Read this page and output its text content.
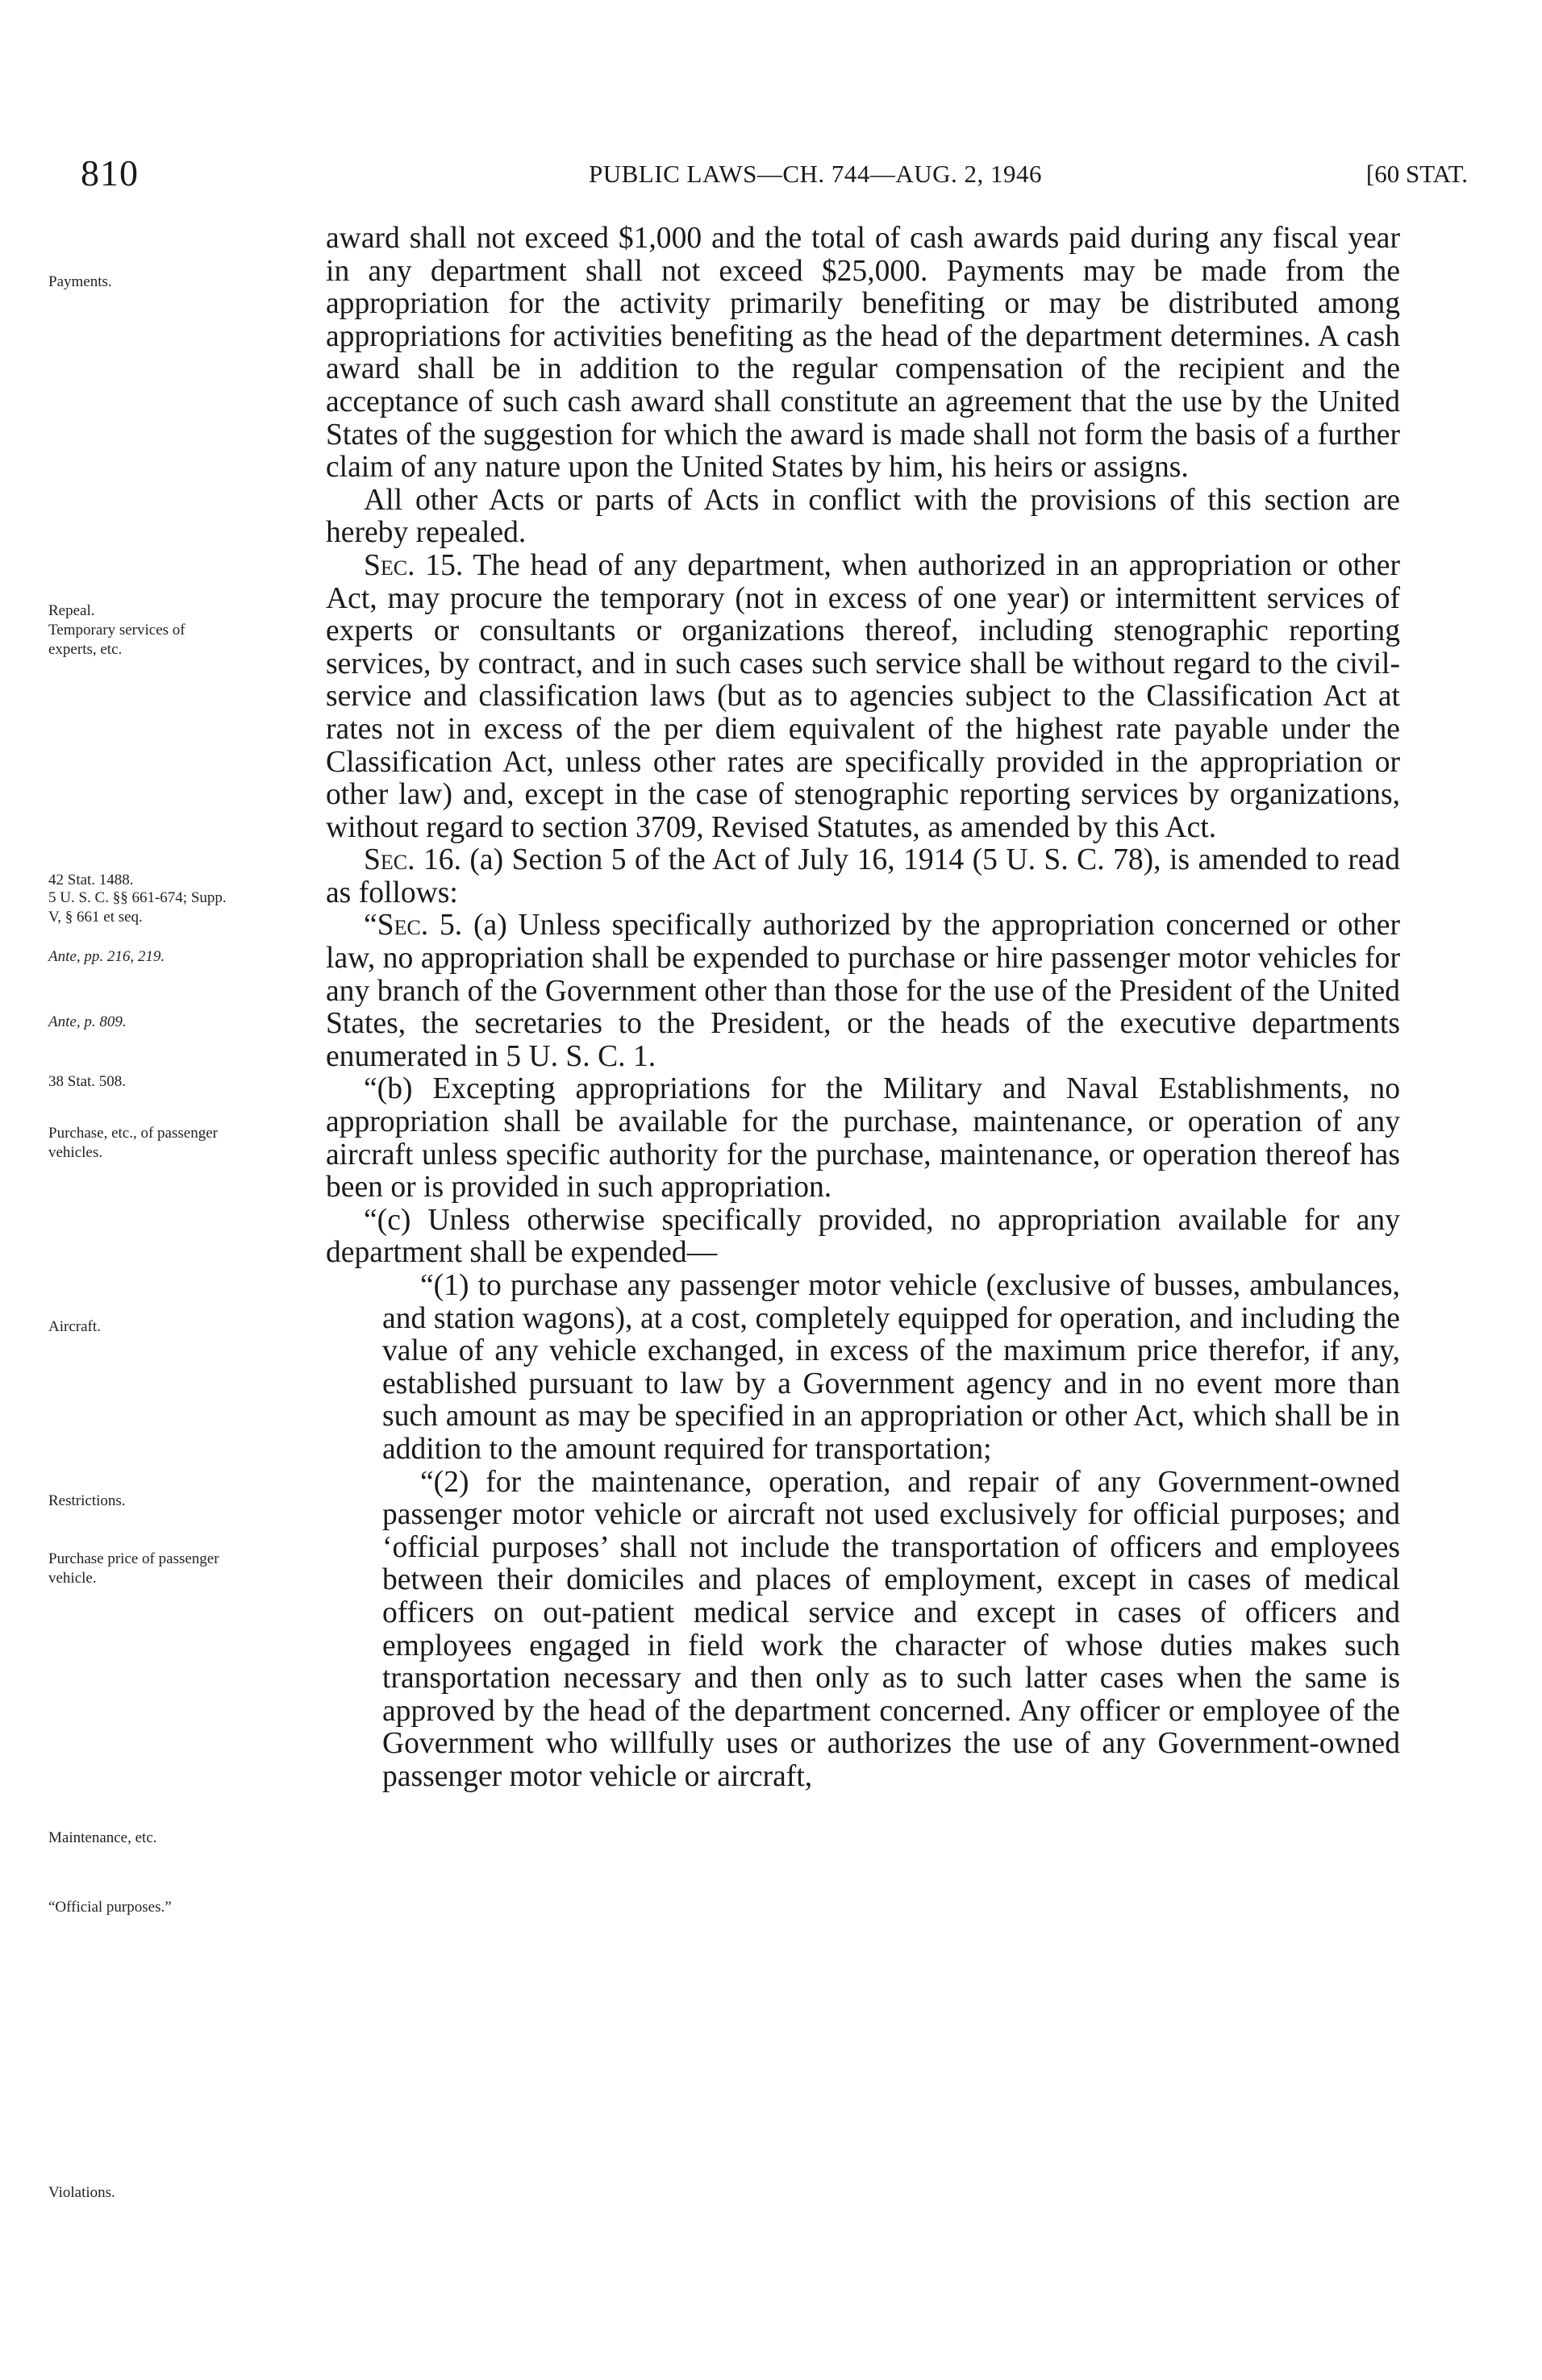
810	PUBLIC LAWS—CH. 744—AUG. 2, 1946	[60 STAT.
Payments.
Repeal.
Temporary services of experts, etc.
42 Stat. 1488.
5 U. S. C. §§ 661-674; Supp. V, § 661 et seq.
Ante, pp. 216, 219.
Ante, p. 809.
38 Stat. 508.
Purchase, etc., of passenger vehicles.
Aircraft.
Restrictions.
Purchase price of passenger vehicle.
Maintenance, etc.
“Official purposes.”
Violations.

award shall not exceed $1,000 and the total of cash awards paid during any fiscal year in any department shall not exceed $25,000. Payments may be made from the appropriation for the activity primarily benefiting or may be distributed among appropriations for activities benefiting as the head of the department determines. A cash award shall be in addition to the regular compensation of the recipient and the acceptance of such cash award shall constitute an agreement that the use by the United States of the suggestion for which the award is made shall not form the basis of a further claim of any nature upon the United States by him, his heirs or assigns.

All other Acts or parts of Acts in conflict with the provisions of this section are hereby repealed.

Sec. 15. The head of any department, when authorized in an appropriation or other Act, may procure the temporary (not in excess of one year) or intermittent services of experts or consultants or organizations thereof, including stenographic reporting services, by contract, and in such cases such service shall be without regard to the civil-service and classification laws (but as to agencies subject to the Classification Act at rates not in excess of the per diem equivalent of the highest rate payable under the Classification Act, unless other rates are specifically provided in the appropriation or other law) and, except in the case of stenographic reporting services by organizations, without regard to section 3709, Revised Statutes, as amended by this Act.

Sec. 16. (a) Section 5 of the Act of July 16, 1914 (5 U. S. C. 78), is amended to read as follows:

“Sec. 5. (a) Unless specifically authorized by the appropriation concerned or other law, no appropriation shall be expended to purchase or hire passenger motor vehicles for any branch of the Government other than those for the use of the President of the United States, the secretaries to the President, or the heads of the executive departments enumerated in 5 U. S. C. 1.

“(b) Excepting appropriations for the Military and Naval Establishments, no appropriation shall be available for the purchase, maintenance, or operation of any aircraft unless specific authority for the purchase, maintenance, or operation thereof has been or is provided in such appropriation.

“(c) Unless otherwise specifically provided, no appropriation available for any department shall be expended—

“(1) to purchase any passenger motor vehicle (exclusive of busses, ambulances, and station wagons), at a cost, completely equipped for operation, and including the value of any vehicle exchanged, in excess of the maximum price therefor, if any, established pursuant to law by a Government agency and in no event more than such amount as may be specified in an appropriation or other Act, which shall be in addition to the amount required for transportation;

“(2) for the maintenance, operation, and repair of any Government-owned passenger motor vehicle or aircraft not used exclusively for official purposes; and ‘official purposes’ shall not include the transportation of officers and employees between their domiciles and places of employment, except in cases of medical officers on out-patient medical service and except in cases of officers and employees engaged in field work the character of whose duties makes such transportation necessary and then only as to such latter cases when the same is approved by the head of the department concerned. Any officer or employee of the Government who willfully uses or authorizes the use of any Government-owned passenger motor vehicle or aircraft,
